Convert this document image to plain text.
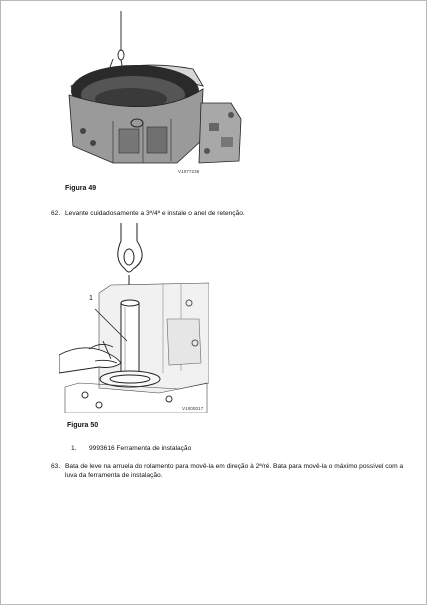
V1077236
Figura 49
62. Levante cuidadosamente a 3ª/4ª e instale o anel de retenção.
1
V1000017
Figura 50
1. 9993616 Ferramenta de instalação
63. Bata de leve na arruela do rolamento para movê-la em direção à 2ª/ré. Bata para movê-la o máximo possível com a
luva da ferramenta de instalação.
